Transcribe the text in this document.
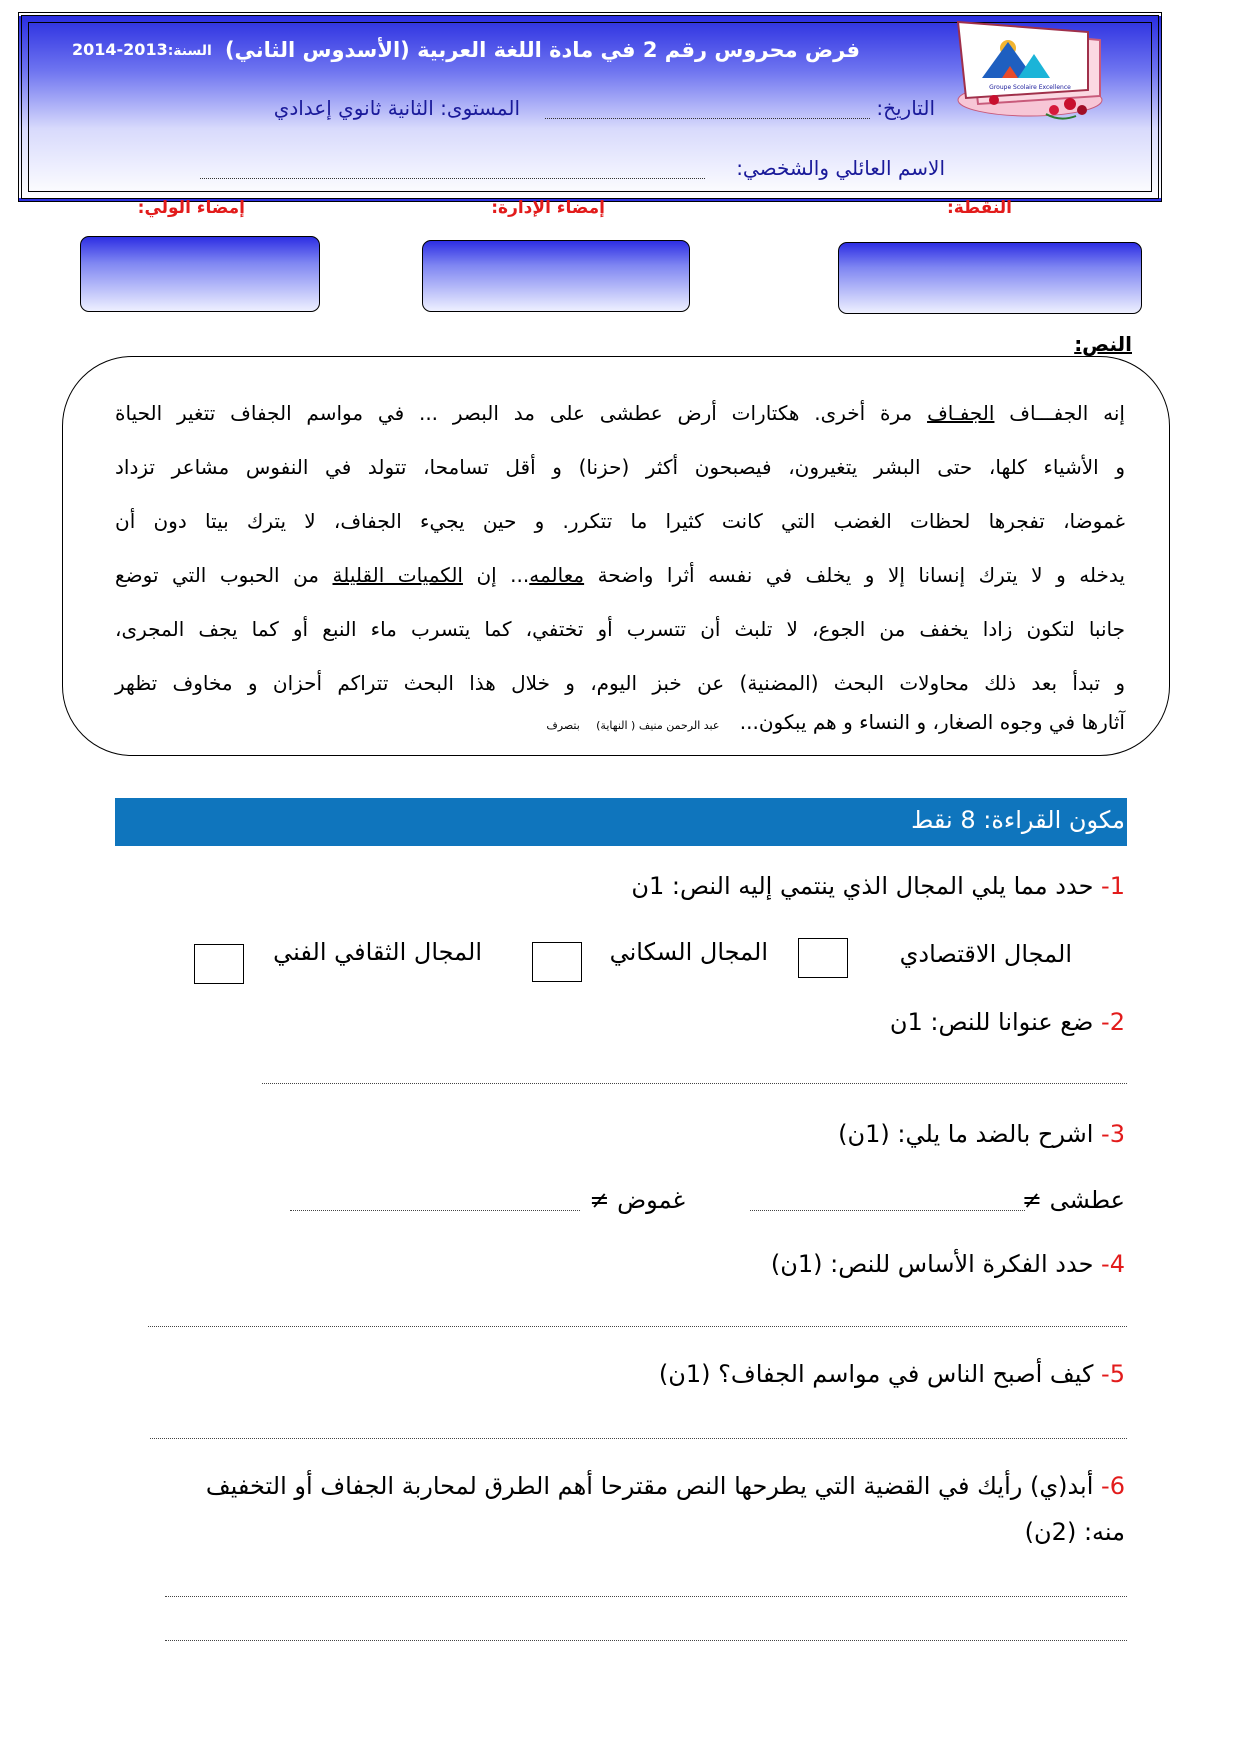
فرض محروس رقم 2 في مادة اللغة العربية (الأسدوس الثاني)
السنة:2013-2014
التاريخ:
المستوى: الثانية ثانوي إعدادي
الاسم العائلي والشخصي:
Groupe Scolaire Excellence
النقطة:
إمضاء الإدارة:
إمضاء الولي:
النص:
إنه الجفـــاف الجفـاف مرة أخرى. هكتارات أرض عطشى على مد البصر ... في مواسم الجفاف تتغير الحياة
و الأشياء كلها، حتى البشر يتغيرون، فيصبحون أكثر (حزنا) و أقل تسامحا، تتولد في النفوس مشاعر تزداد
غموضا، تفجرها لحظات الغضب التي كانت كثيرا ما تتكرر. و حين يجيء الجفاف، لا يترك بيتا دون أن
يدخله و لا يترك إنسانا إلا و يخلف في نفسه أثرا واضحة معالمه... إن الكميات القليلة من الحبوب التي توضع
جانبا لتكون زادا يخفف من الجوع، لا تلبث أن تتسرب أو تختفي، كما يتسرب ماء النبع أو كما يجف المجرى،
و تبدأ بعد ذلك محاولات البحث (المضنية) عن خبز اليوم، و خلال هذا البحث تتراكم أحزان و مخاوف تظهر
آثارها في وجوه الصغار، و النساء و هم يبكون... عبد الرحمن منيف ( النهاية) بتصرف
مكون القراءة: 8 نقط
1- حدد مما يلي المجال الذي ينتمي إليه النص: 1ن
المجال الاقتصادي
المجال السكاني
المجال الثقافي الفني
2- ضع عنوانا للنص: 1ن
3- اشرح بالضد ما يلي: (1ن)
عطشى ≠
غموض ≠
4- حدد الفكرة الأساس للنص: (1ن)
5- كيف أصبح الناس في مواسم الجفاف؟ (1ن)
6- أبد(ي) رأيك في القضية التي يطرحها النص مقترحا أهم الطرق لمحاربة الجفاف أو التخفيف
منه: (2ن)
